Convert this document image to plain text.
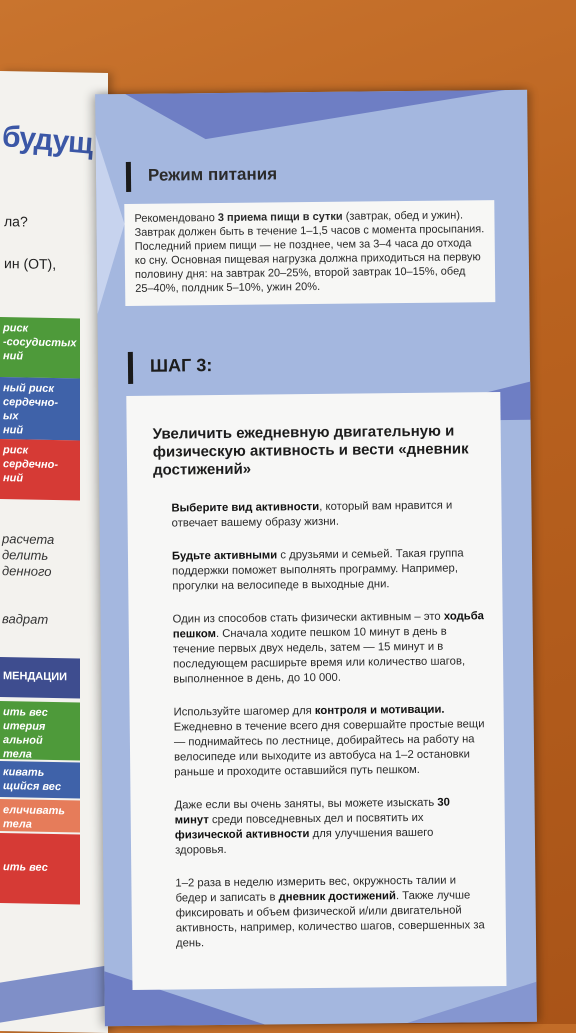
будущ
ла?
ин (ОТ),
риск
-сосудистых
ний
ный риск
сердечно-
ых
ний
риск
сердечно-
ний
расчета
делить
денного
вадрат
МЕНДАЦИИ
ить вес
итерия
альной
тела
кивать
щийся вес
еличивать
тела
ить вес
Режим питания
Рекомендовано 3 приема пищи в сутки (завтрак, обед и ужин). Завтрак должен быть в течение 1–1,5 часов с момента просыпания. Последний прием пищи — не позднее, чем за 3–4 часа до отхода ко сну. Основная пищевая нагрузка должна приходиться на первую половину дня: на завтрак 20–25%, второй завтрак 10–15%, обед 25–40%, полдник 5–10%, ужин 20%.
ШАГ 3:
Увеличить ежедневную двигательную и физическую активность и вести «дневник достижений»

Выберите вид активности, который вам нравится и отвечает вашему образу жизни.

Будьте активными с друзьями и семьей. Такая группа поддержки поможет выполнять программу. Например, прогулки на велосипеде в выходные дни.

Один из способов стать физически активным – это ходьба пешком. Сначала ходите пешком 10 минут в день в течение первых двух недель, затем — 15 минут и в последующем расширьте время или количество шагов, выполненное в день, до 10 000.

Используйте шагомер для контроля и мотивации. Ежедневно в течение всего дня совершайте простые вещи — поднимайтесь по лестнице, добирайтесь на работу на велосипеде или выходите из автобуса на 1–2 остановки раньше и проходите оставшийся путь пешком.

Даже если вы очень заняты, вы можете изыскать 30 минут среди повседневных дел и посвятить их физической активности для улучшения вашего здоровья.

1–2 раза в неделю измерить вес, окружность талии и бедер и записать в дневник достижений. Также лучше фиксировать и объем физической и/или двигательной активность, например, количество шагов, совершенных за день.
